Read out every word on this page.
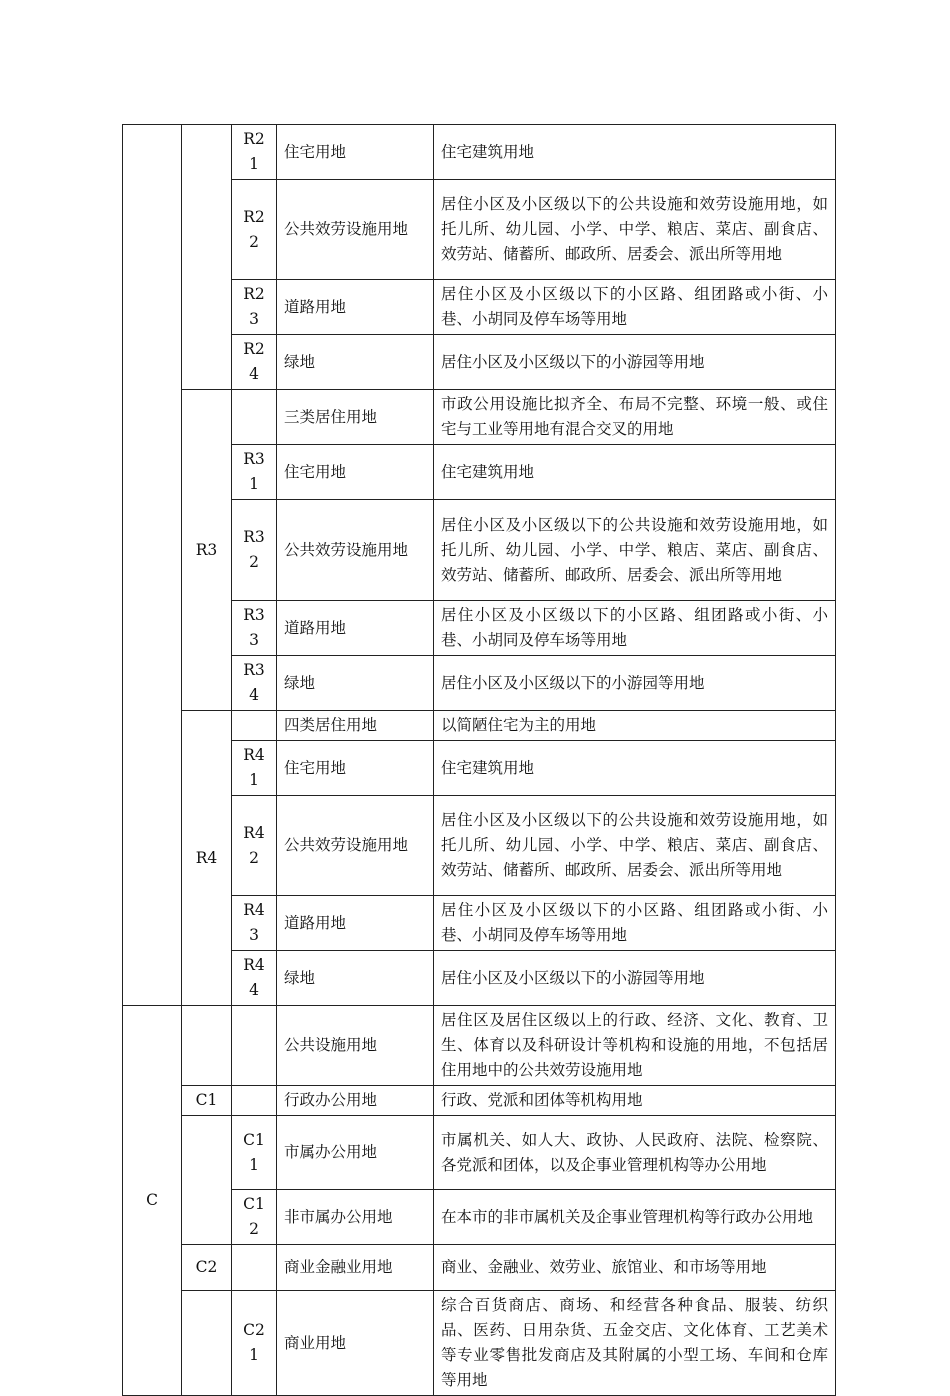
		R21	住宅用地	住宅建筑用地
		R22	公共效劳设施用地	居住小区及小区级以下的公共设施和效劳设施用地，如托儿所、幼儿园、小学、中学、粮店、菜店、副食店、效劳站、储蓄所、邮政所、居委会、派出所等用地
		R23	道路用地	居住小区及小区级以下的小区路、组团路或小街、小巷、小胡同及停车场等用地
		R24	绿地	居住小区及小区级以下的小游园等用地
	R3		三类居住用地	市政公用设施比拟齐全、布局不完整、环境一般、或住宅与工业等用地有混合交叉的用地
		R31	住宅用地	住宅建筑用地
		R32	公共效劳设施用地	居住小区及小区级以下的公共设施和效劳设施用地，如托儿所、幼儿园、小学、中学、粮店、菜店、副食店、效劳站、储蓄所、邮政所、居委会、派出所等用地
		R33	道路用地	居住小区及小区级以下的小区路、组团路或小街、小巷、小胡同及停车场等用地
		R34	绿地	居住小区及小区级以下的小游园等用地
	R4		四类居住用地	以简陋住宅为主的用地
		R41	住宅用地	住宅建筑用地
		R42	公共效劳设施用地	居住小区及小区级以下的公共设施和效劳设施用地，如托儿所、幼儿园、小学、中学、粮店、菜店、副食店、效劳站、储蓄所、邮政所、居委会、派出所等用地
		R43	道路用地	居住小区及小区级以下的小区路、组团路或小街、小巷、小胡同及停车场等用地
		R44	绿地	居住小区及小区级以下的小游园等用地
C			公共设施用地	居住区及居住区级以上的行政、经济、文化、教育、卫生、体育以及科研设计等机构和设施的用地，不包括居住用地中的公共效劳设施用地
	C1		行政办公用地	行政、党派和团体等机构用地
		C11	市属办公用地	市属机关、如人大、政协、人民政府、法院、检察院、各党派和团体，以及企事业管理机构等办公用地
		C12	非市属办公用地	在本市的非市属机关及企事业管理机构等行政办公用地
	C2		商业金融业用地	商业、金融业、效劳业、旅馆业、和市场等用地
		C21	商业用地	综合百货商店、商场、和经营各种食品、服装、纺织品、医药、日用杂货、五金交店、文化体育、工艺美术等专业零售批发商店及其附属的小型工场、车间和仓库等用地
